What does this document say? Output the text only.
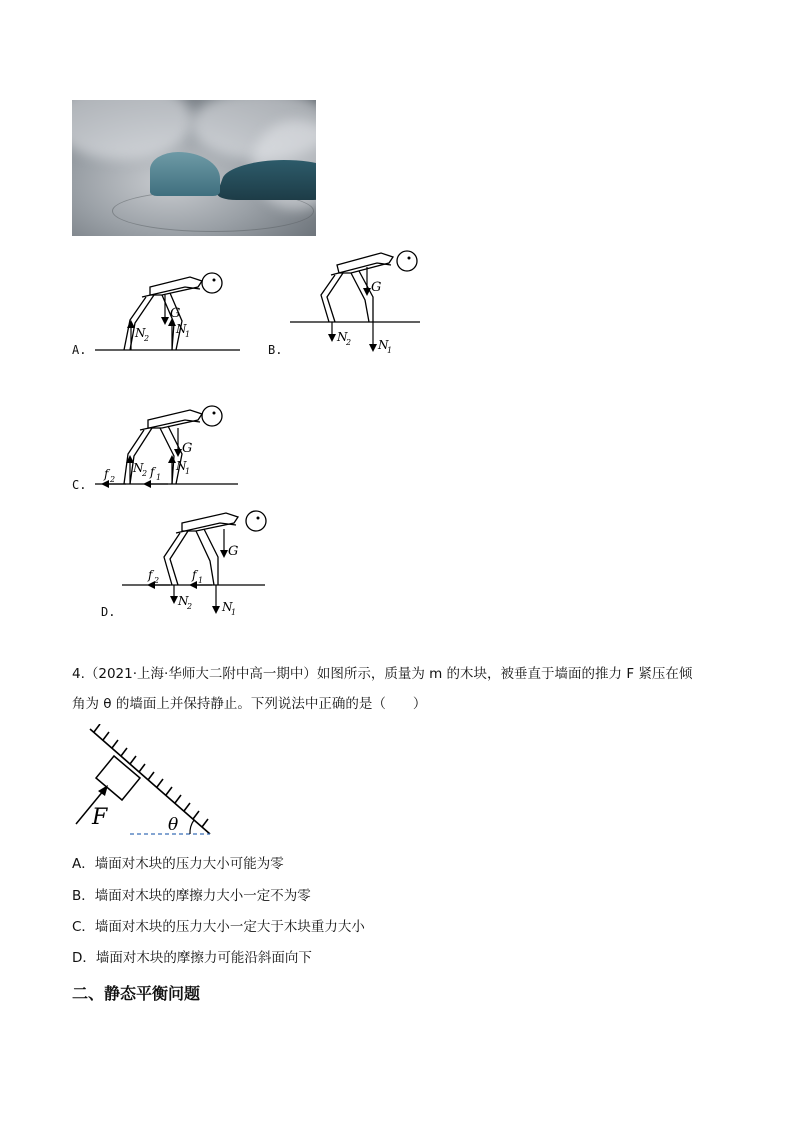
A.
G
N
2
N
1
B.
G
N
2 N
1
C.
G
N
2
N
1
f 2
f 1
D.
G
N
2 N
1
f 2	f 1
4.（2021·上海·华师大二附中高一期中）如图所示，质量为 m 的木块，被垂直于墙面的推力 F 紧压在倾
角为 θ 的墙面上并保持静止。下列说法中正确的是（　　）
F	θ
A．墙面对木块的压力大小可能为零
B．墙面对木块的摩擦力大小一定不为零
C．墙面对木块的压力大小一定大于木块重力大小
D．墙面对木块的摩擦力可能沿斜面向下
二、静态平衡问题
